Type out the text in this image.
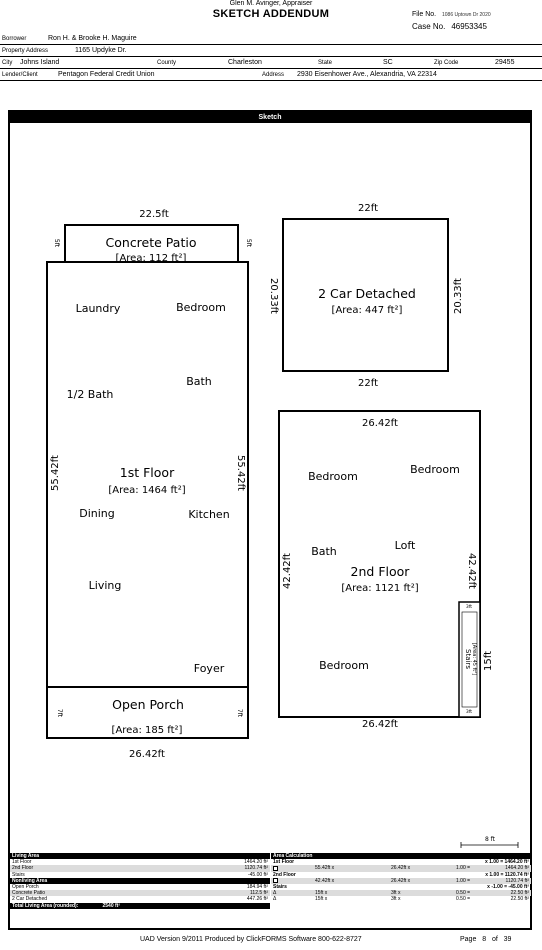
Glen M. Avinger, Appraiser
SKETCH ADDENDUM	File No. 1086 Uptown Dr 2020
Case No. 46953345
Borrower	Ron H. & Brooke H. Maguire
Property Address	1165 Updyke Dr.
City Johns Island	County	Charleston	State	SC	Zip Code	29455
Lender/Client	Pentagon Federal Credit Union	Address 2930 Eisenhower Ave., Alexandria, VA 22314
Sketch
Concrete Patio
[Area: 112 ft²]
22.5ft
5ft	5ft
1st Floor
[Area: 1464 ft²]
55.42ft	55.42ft
Laundry	Bedroom
1/2 Bath
Bath
Dining	Kitchen
Living
Foyer
Open Porch
[Area: 185 ft²]
26.42ft
7ft	7ft
2 Car Detached
[Area: 447 ft²]
22ft
22ft
20.33ft	20.33ft
2nd Floor
[Area: 1121 ft²]
26.42ft
26.42ft
42.42ft	42.42ft
Bedroom
Bedroom
Bath	Loft
Bedroom	Stairs [Area: 45 ft²]
3ft
3ft
15ft
8 ft
Living Area
1st Floor	1464.20 ft²
2nd Floor	1120.74 ft²
Stairs	-45.00 ft²
Nonliving Area
Open Porch	184.94 ft²
Concrete Patio	112.5 ft²
2 Car Detached	447.26 ft²
Total Living Area (rounded):	2540 ft²
Area Calculation
1st Floor	x 1.00 = 1464.20 ft²
55.42ft x	26.42ft x	1.00 =	1464.20 ft²
2nd Floor	x 1.00 = 1120.74 ft²
42.42ft x	26.42ft x	1.00 =	1120.74 ft²
Stairs	x -1.00 = -45.00 ft²
Δ	15ft x	3ft x	0.50 =	22.50 ft²
Δ	15ft x	3ft x	0.50 =	22.50 ft²
UAD Version 9/2011 Produced by ClickFORMS Software 800-622-8727	Page 8 of 39
